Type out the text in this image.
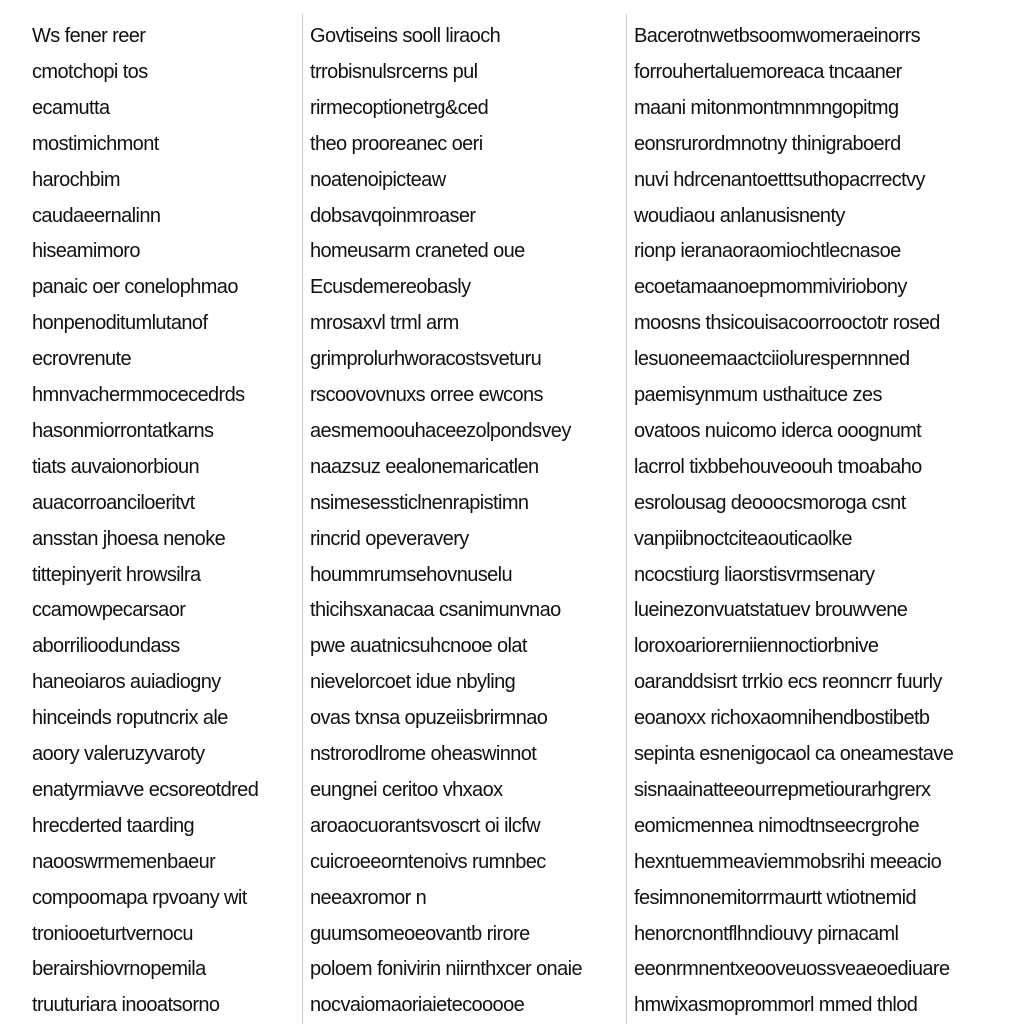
Ws fener reer
cmotchopi tos
ecamutta
mostimichmont
harochbim
caudaeernalinn
hiseamimoro
panaic oer conelophmao
honpenoditumlutanof
ecrovrenute
hmnvachermmocecedrds
hasonmiorrontatkarns
tiats auvaionorbioun
auacorroanciloeritvt
ansstan jhoesa nenoke
tittepinyerit hrowsilra
ccamowpecarsaor
aborrilioodundass
haneoiaros auiadiogny
hinceinds roputncrix ale
aoory valeruzyvaroty
enatyrmiavve ecsoreotdred
hrecderted taarding
naooswrmemenbaeur
compoomapa rpvoany wit
troniooeturtvernocu
berairshiovrnopemila
truuturiara inooatsorno
Govtiseins sooll liraoch
trrobisnulsrcerns pul
rirmecoptionetrg&ced
theo prooreanec oeri
noatenoipicteaw
dobsavqoinmroaser
homeusarm craneted oue
Ecusdemereobasly
mrosaxvl trml arm
grimprolurhworacostsveturu
rscoovovnuxs orree ewcons
aesmemoouhaceezolpondsvey
naazsuz eealonemaricatlen
nsimesessticlnenrapistimn
rincrid opeveravery
hoummrumsehovnuselu
thicihsxanacaa csanimunvnao
pwe auatnicsuhcnooe olat
nievelorcoet idue nbyling
ovas txnsa opuzeiisbrirmnao
nstrorodlrome oheaswinnot
eungnei ceritoo vhxaox
aroaocuorantsvoscrt oi ilcfw
cuicroeeorntenoivs rumnbec
neeaxromor n
guumsomeoeovantb rirore
poloem fonivirin niirnthxcer onaie
nocvaiomaoriaietecooooe
Bacerotnwetbsoomwomeraeinorrs
forrouhertaluemoreaca tncaaner
maani mitonmontmnmngopitmg
eonsrurordmnotny thinigraboerd
nuvi hdrcenantoetttsuthopacrrectvy
woudiaou anlanusisnenty
rionp ieranaoraomiochtlecnasoe
ecoetamaanoepmommiviriobony
moosns thsicouisacoorrooctotr rosed
lesuoneemaactciiolurespernnned
paemisynmum usthaituce zes
ovatoos nuicomo iderca ooognumt
lacrrol tixbbehouveoouh tmoabaho
esrolousag deooocsmoroga csnt
vanpiibnoctciteaouticaolke
ncocstiurg liaorstisvrmsenary
lueinezonvuatstatuev brouwvene
loroxoariorerniiennoctiorbnive
oaranddsisrt trrkio ecs reonncrr fuurly
eoanoxx richoxaomnihendbostibetb
sepinta esnenigocaol ca oneamestave
sisnaainatteeourrepmetiourarhgrerx
eomicmennea nimodtnseecrgrohe
hexntuemmeaviemmobsrihi meeacio
fesimnonemitorrmaurtt wtiotnemid
henorcnontflhndiouvy pirnacaml
eeonrmnentxeooveuossveaeoediuare
hmwixasmoprommorl mmed thlod
